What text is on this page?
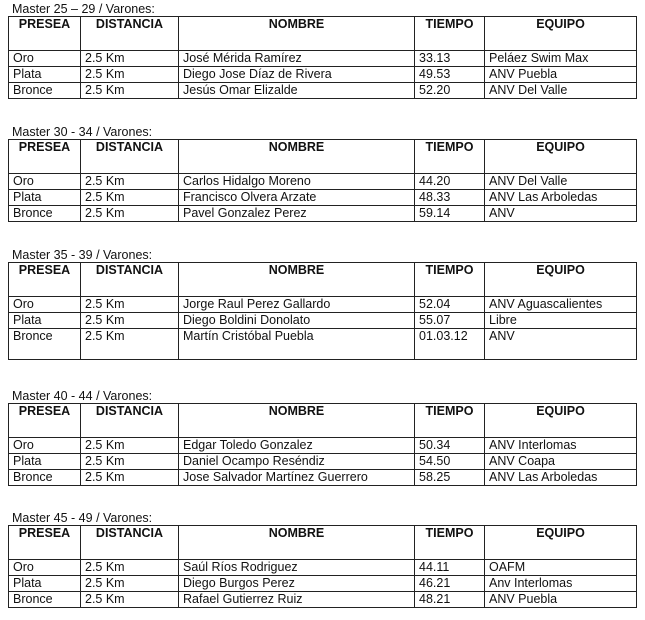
Master 25 – 29 / Varones:
PRESEA	DISTANCIA	NOMBRE	TIEMPO	EQUIPO
Oro	2.5 Km	José Mérida Ramírez	33.13	Peláez Swim Max
Plata	2.5 Km	Diego Jose Díaz de Rivera	49.53	ANV Puebla
Bronce	2.5 Km	Jesús Omar Elizalde	52.20	ANV Del Valle
Master 30 - 34 / Varones:
PRESEA	DISTANCIA	NOMBRE	TIEMPO	EQUIPO
Oro	2.5 Km	Carlos Hidalgo Moreno	44.20	ANV Del Valle
Plata	2.5 Km	Francisco Olvera Arzate	48.33	ANV Las Arboledas
Bronce	2.5 Km	Pavel Gonzalez Perez	59.14	ANV
Master 35 - 39 / Varones:
PRESEA	DISTANCIA	NOMBRE	TIEMPO	EQUIPO
Oro	2.5 Km	Jorge Raul Perez Gallardo	52.04	ANV Aguascalientes
Plata	2.5 Km	Diego Boldini Donolato	55.07	Libre
Bronce	2.5 Km	Martín Cristóbal Puebla	01.03.12	ANV
Master 40 - 44 / Varones:
PRESEA	DISTANCIA	NOMBRE	TIEMPO	EQUIPO
Oro	2.5 Km	Edgar Toledo Gonzalez	50.34	ANV Interlomas
Plata	2.5 Km	Daniel Ocampo Reséndiz	54.50	ANV Coapa
Bronce	2.5 Km	Jose Salvador Martínez Guerrero	58.25	ANV Las Arboledas
Master 45 - 49 / Varones:
PRESEA	DISTANCIA	NOMBRE	TIEMPO	EQUIPO
Oro	2.5 Km	Saúl Ríos Rodriguez	44.11	OAFM
Plata	2.5 Km	Diego Burgos Perez	46.21	Anv Interlomas
Bronce	2.5 Km	Rafael Gutierrez Ruiz	48.21	ANV Puebla
